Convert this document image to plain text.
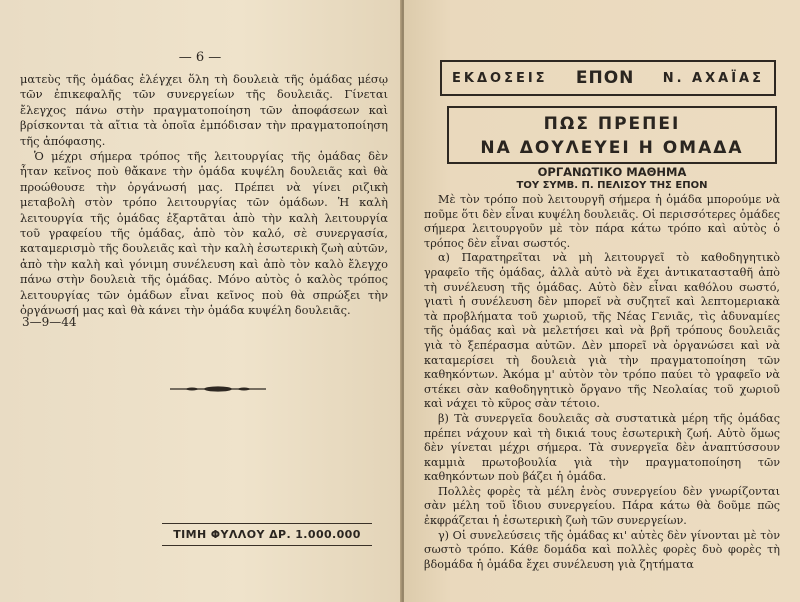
— 6 —

ματεὺς τῆς ὁμάδας ἐλέγχει ὅλη τὴ δουλειὰ τῆς ὁμάδας μέσῳ τῶν ἐπικεφαλῆς τῶν συνεργείων τῆς δουλειᾶς. Γίνεται ἔλεγχος πάνω στὴν πραγματοποίηση τῶν ἀποφάσεων καὶ βρίσκονται τὰ αἴτια τὰ ὁποῖα ἐμπόδισαν τὴν πραγματοποίηση τῆς ἀπόφασης.

Ὁ μέχρι σήμερα τρόπος τῆς λειτουργίας τῆς ὁμάδας δὲν ἦταν κεῖνος ποὺ θἄκανε τὴν ὁμάδα κυψέλη δουλειᾶς καὶ θὰ προώθουσε τὴν ὀργάνωσή μας. Πρέπει νὰ γίνει ριζικὴ μεταβολὴ στὸν τρόπο λειτουργίας τῶν ὁμάδων. Ἡ καλὴ λειτουργία τῆς ὁμάδας ἐξαρτᾶται ἀπὸ τὴν καλὴ λειτουργία τοῦ γραφείου τῆς ὁμάδας, ἀπὸ τὸν καλό, σὲ συνεργασία, καταμερισμὸ τῆς δουλειᾶς καὶ τὴν καλὴ ἐσωτερικὴ ζωὴ αὐτῶν, ἀπὸ τὴν καλὴ καὶ γόνιμη συνέλευση καὶ ἀπὸ τὸν καλὸ ἔλεγχο πάνω στὴν δουλειὰ τῆς ὁμάδας. Μόνο αὐτὸς ὁ καλὸς τρόπος λειτουργίας τῶν ὁμάδων εἶναι κεῖνος ποὺ θὰ σπρώξει τὴν ὀργάνωσή μας καὶ θὰ κάνει τὴν ὁμάδα κυψέλη δουλειᾶς.

3—9—44
ΤΙΜΗ ΦΥΛΛΟΥ ΔΡ. 1.000.000
ΕΚΔΟΣΕΙΣ ΕΠΟΝ Ν. ΑΧΑΪΑΣ
ΠΩΣ ΠΡΕΠΕΙ
ΝΑ ΔΟΥΛΕΥΕΙ Η ΟΜΑΔΑ
ΟΡΓΑΝΩΤΙΚΟ ΜΑΘΗΜΑ
ΤΟΥ ΣΥΜΒ. Π. ΠΕΛΙΣΟΥ ΤΗΣ ΕΠΟΝ

Μὲ τὸν τρόπο ποὺ λειτουργῆ σήμερα ἡ ὁμάδα μπορούμε νὰ ποῦμε ὅτι δὲν εἶναι κυψέλη δουλειᾶς. Οἱ περισσότερες ὁμάδες σήμερα λειτουργοῦν μὲ τὸν πάρα κάτω τρόπο καὶ αὐτὸς ὁ τρόπος δὲν εἶναι σωστός.

α) Παρατηρεῖται νὰ μὴ λειτουργεῖ τὸ καθοδηγητικὸ γραφεῖο τῆς ὁμάδας, ἀλλὰ αὐτὸ νὰ ἔχει ἀντικατασταθῆ ἀπὸ τὴ συνέλευση τῆς ὁμάδας. Αὐτὸ δὲν εἶναι καθόλου σωστό, γιατὶ ἡ συνέλευση δὲν μπορεῖ νὰ συζητεῖ καὶ λεπτομεριακὰ τὰ προβλήματα τοῦ χωριοῦ, τῆς Νέας Γενιᾶς, τὶς ἀδυναμίες τῆς ὁμάδας καὶ νὰ μελετήσει καὶ νὰ βρῆ τρόπους δουλειᾶς γιὰ τὸ ξεπέρασμα αὐτῶν. Δὲν μπορεῖ νὰ ὀργανώσει καὶ νὰ καταμερίσει τὴ δουλειὰ γιὰ τὴν πραγματοποίηση τῶν καθηκόντων. Ἀκόμα μ' αὐτὸν τὸν τρόπο παύει τὸ γραφεῖο νὰ στέκει σὰν καθοδηγητικὸ ὄργανο τῆς Νεολαίας τοῦ χωριοῦ καὶ νάχει τὸ κῦρος σὰν τέτοιο.

β) Τὰ συνεργεῖα δουλειᾶς σὰ συστατικὰ μέρη τῆς ὁμάδας πρέπει νάχουν καὶ τὴ δικιά τους ἐσωτερικὴ ζωή. Αὐτὸ ὅμως δὲν γίνεται μέχρι σήμερα. Τὰ συνεργεῖα δὲν ἀναπτύσσουν καμμιὰ πρωτοβουλία γιὰ τὴν πραγματοποίηση τῶν καθηκόντων ποὺ βάζει ἡ ὁμάδα.

Πολλὲς φορὲς τὰ μέλη ἑνὸς συνεργείου δὲν γνωρίζονται σὰν μέλη τοῦ ἴδιου συνεργείου. Πάρα κάτω θὰ δοῦμε πῶς ἐκφράζεται ἡ ἐσωτερικὴ ζωὴ τῶν συνεργείων.

γ) Οἱ συνελεύσεις τῆς ὁμάδας κι' αὐτὲς δὲν γίνονται μὲ τὸν σωστὸ τρόπο. Κάθε δομάδα καὶ πολλὲς φορὲς δυὸ φορὲς τὴ βδομάδα ἡ ὁμάδα ἔχει συνέλευση γιὰ ζητήματα
